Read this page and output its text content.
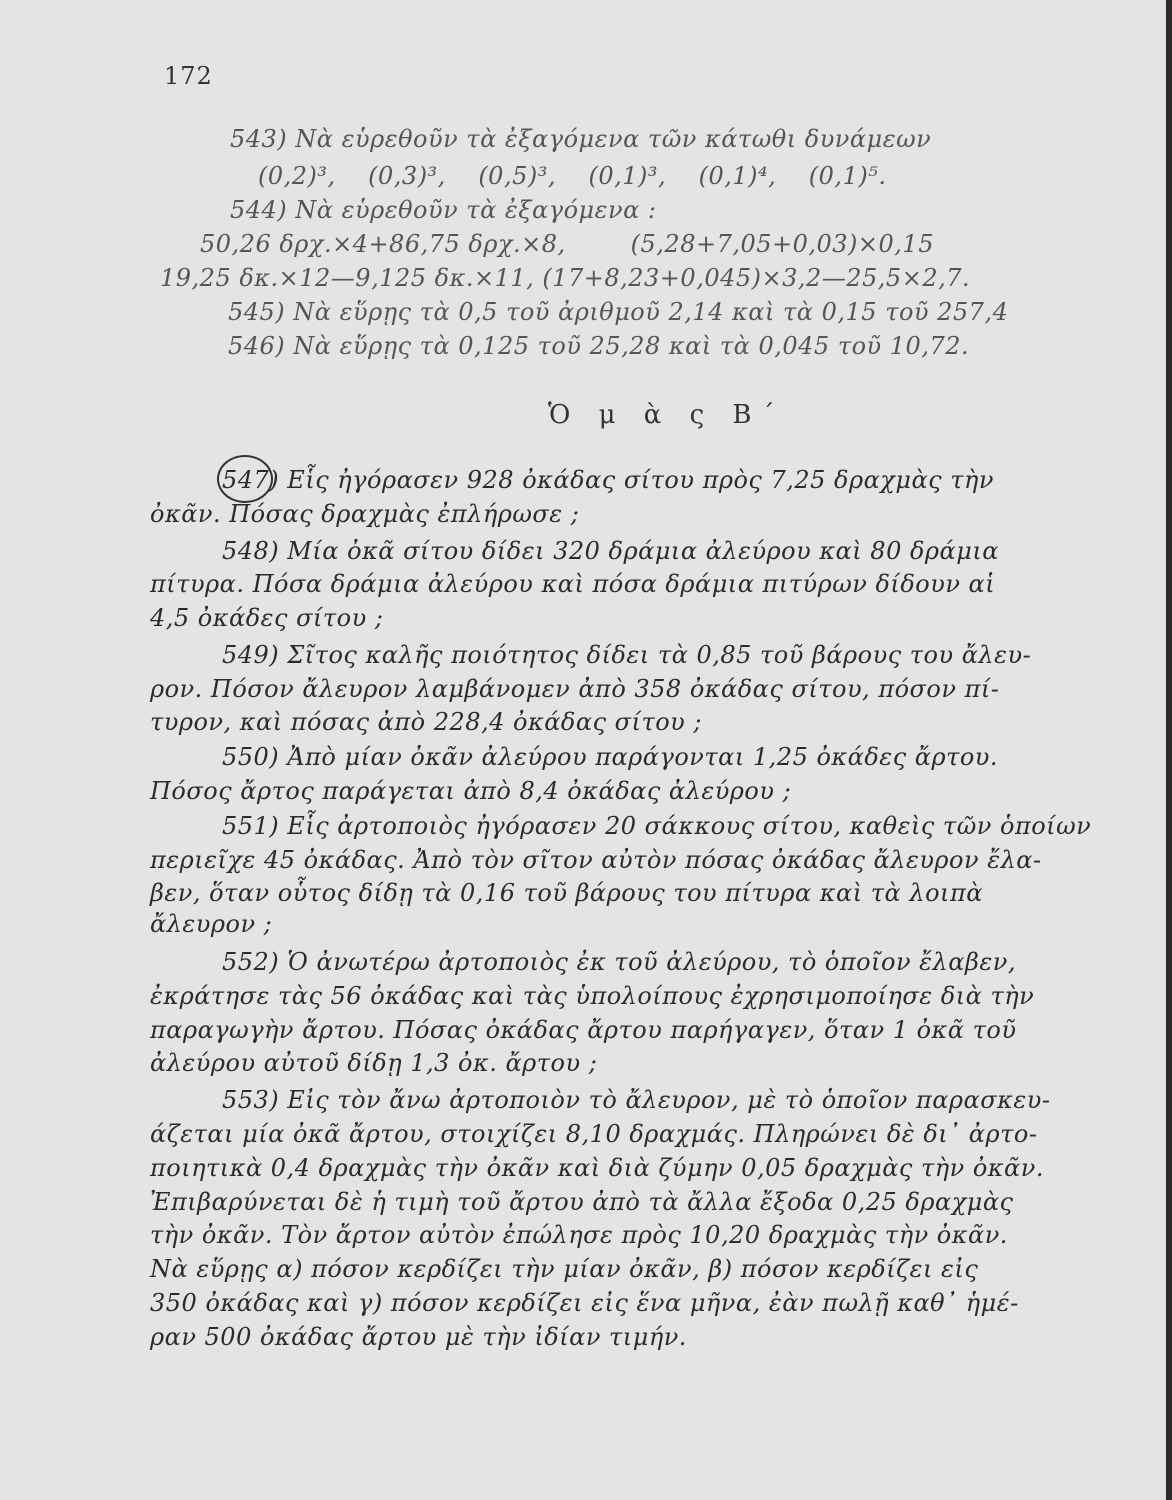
172
543) Νὰ εὑρεθοῦν τὰ ἐξαγόμενα τῶν κάτωθι δυνάμεων
(0,2)³,    (0,3)³,    (0,5)³,    (0,1)³,    (0,1)⁴,    (0,1)⁵.
544) Νὰ εὑρεθοῦν τὰ ἐξαγόμενα :
50,26 δρχ.×4+86,75 δρχ.×8,        (5,28+7,05+0,03)×0,15
19,25 δκ.×12—9,125 δκ.×11, (17+8,23+0,045)×3,2—25,5×2,7.
545) Νὰ εὕρῃς τὰ 0,5 τοῦ ἀριθμοῦ 2,14 καὶ τὰ 0,15 τοῦ 257,4
546) Νὰ εὕρῃς τὰ 0,125 τοῦ 25,28 καὶ τὰ 0,045 τοῦ 10,72.
Ὁ μ ὰ ς Β΄
547) Εἷς ἠγόρασεν 928 ὀκάδας σίτου πρὸς 7,25 δραχμὰς τὴν
ὀκᾶν. Πόσας δραχμὰς ἐπλήρωσε ;
548) Μία ὀκᾶ σίτου δίδει 320 δράμια ἀλεύρου καὶ 80 δράμια
πίτυρα. Πόσα δράμια ἀλεύρου καὶ πόσα δράμια πιτύρων δίδουν αἱ
4,5 ὀκάδες σίτου ;
549) Σῖτος καλῆς ποιότητος δίδει τὰ 0,85 τοῦ βάρους του ἄλευ-
ρον. Πόσον ἄλευρον λαμβάνομεν ἀπὸ 358 ὀκάδας σίτου, πόσον πί-
τυρον, καὶ πόσας ἀπὸ 228,4 ὀκάδας σίτου ;
550) Ἀπὸ μίαν ὀκᾶν ἀλεύρου παράγονται 1,25 ὀκάδες ἄρτου.
Πόσος ἄρτος παράγεται ἀπὸ 8,4 ὀκάδας ἀλεύρου ;
551) Εἷς ἀρτοποιὸς ἠγόρασεν 20 σάκκους σίτου, καθεὶς τῶν ὁποίων
περιεῖχε 45 ὀκάδας. Ἀπὸ τὸν σῖτον αὐτὸν πόσας ὀκάδας ἄλευρον ἔλα-
βεν, ὅταν οὗτος δίδῃ τὰ 0,16 τοῦ βάρους του πίτυρα καὶ τὰ λοιπὰ
ἄλευρον ;
552) Ὁ ἀνωτέρω ἀρτοποιὸς ἐκ τοῦ ἀλεύρου, τὸ ὁποῖον ἔλαβεν,
ἐκράτησε τὰς 56 ὀκάδας καὶ τὰς ὑπολοίπους ἐχρησιμοποίησε διὰ τὴν
παραγωγὴν ἄρτου. Πόσας ὀκάδας ἄρτου παρήγαγεν, ὅταν 1 ὀκᾶ τοῦ
ἀλεύρου αὐτοῦ δίδῃ 1,3 ὀκ. ἄρτου ;
553) Εἰς τὸν ἄνω ἀρτοποιὸν τὸ ἄλευρον, μὲ τὸ ὁποῖον παρασκευ-
άζεται μία ὀκᾶ ἄρτου, στοιχίζει 8,10 δραχμάς. Πληρώνει δὲ δι᾽ ἀρτο-
ποιητικὰ 0,4 δραχμὰς τὴν ὀκᾶν καὶ διὰ ζύμην 0,05 δραχμὰς τὴν ὀκᾶν.
Ἐπιβαρύνεται δὲ ἡ τιμὴ τοῦ ἄρτου ἀπὸ τὰ ἄλλα ἔξοδα 0,25 δραχμὰς
τὴν ὀκᾶν. Τὸν ἄρτον αὐτὸν ἐπώλησε πρὸς 10,20 δραχμὰς τὴν ὀκᾶν.
Νὰ εὕρῃς α) πόσον κερδίζει τὴν μίαν ὀκᾶν, β) πόσον κερδίζει εἰς
350 ὀκάδας καὶ γ) πόσον κερδίζει εἰς ἕνα μῆνα, ἐὰν πωλῇ καθ᾽ ἡμέ-
ραν 500 ὀκάδας ἄρτου μὲ τὴν ἰδίαν τιμήν.
